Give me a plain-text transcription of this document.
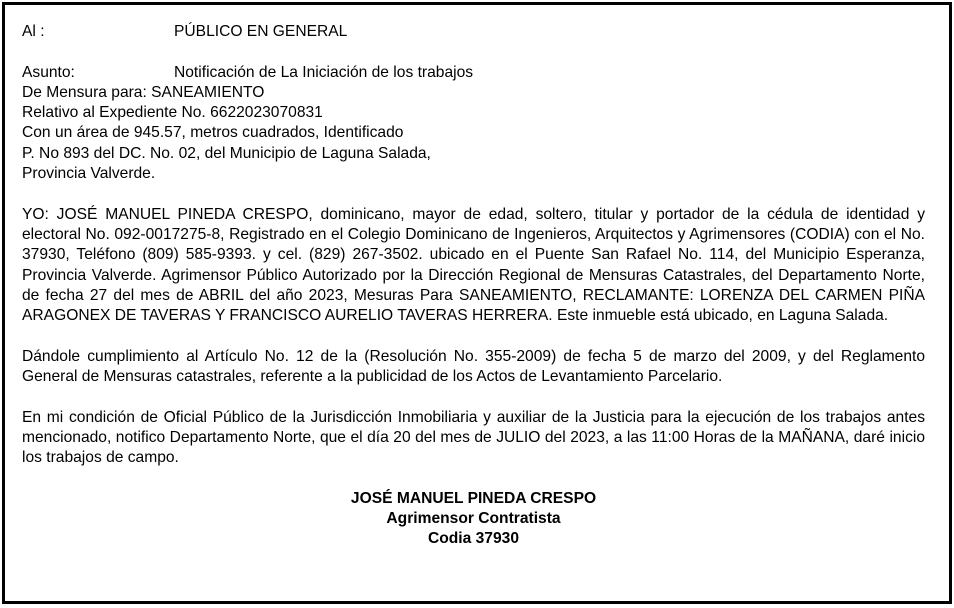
Al :	PÚBLICO EN GENERAL
Asunto:	Notificación de La Iniciación de los trabajos
De Mensura para: SANEAMIENTO
Relativo al Expediente No. 6622023070831
Con un área de 945.57, metros cuadrados, Identificado
P. No 893 del DC. No. 02, del Municipio de Laguna Salada,
Provincia Valverde.

YO: JOSÉ MANUEL PINEDA CRESPO, dominicano, mayor de edad, soltero, titular y portador de la cédula de identidad y electoral No. 092-0017275-8, Registrado en el Colegio Dominicano de Ingenieros, Arquitectos y Agrimensores (CODIA) con el No. 37930, Teléfono (809) 585-9393. y cel. (829) 267-3502. ubicado en el Puente San Rafael No. 114, del Municipio Esperanza, Provincia Valverde. Agrimensor Público Autorizado por la Dirección Regional de Mensuras Catastrales, del Departamento Norte, de fecha 27 del mes de ABRIL del año 2023, Mesuras Para SANEAMIENTO, RECLAMANTE: LORENZA DEL CARMEN PIÑA ARAGONEX DE TAVERAS Y FRANCISCO AURELIO TAVERAS HERRERA. Este inmueble está ubicado, en Laguna Salada.

Dándole cumplimiento al Artículo No. 12 de la (Resolución No. 355-2009) de fecha 5 de marzo del 2009, y del Reglamento General de Mensuras catastrales, referente a la publicidad de los Actos de Levantamiento Parcelario.

En mi condición de Oficial Público de la Jurisdicción Inmobiliaria y auxiliar de la Justicia para la ejecución de los trabajos antes mencionado, notifico Departamento Norte, que el día 20 del mes de JULIO del 2023, a las 11:00 Horas de la MAÑANA, daré inicio los trabajos de campo.

JOSÉ MANUEL PINEDA CRESPO
Agrimensor Contratista
Codia 37930
